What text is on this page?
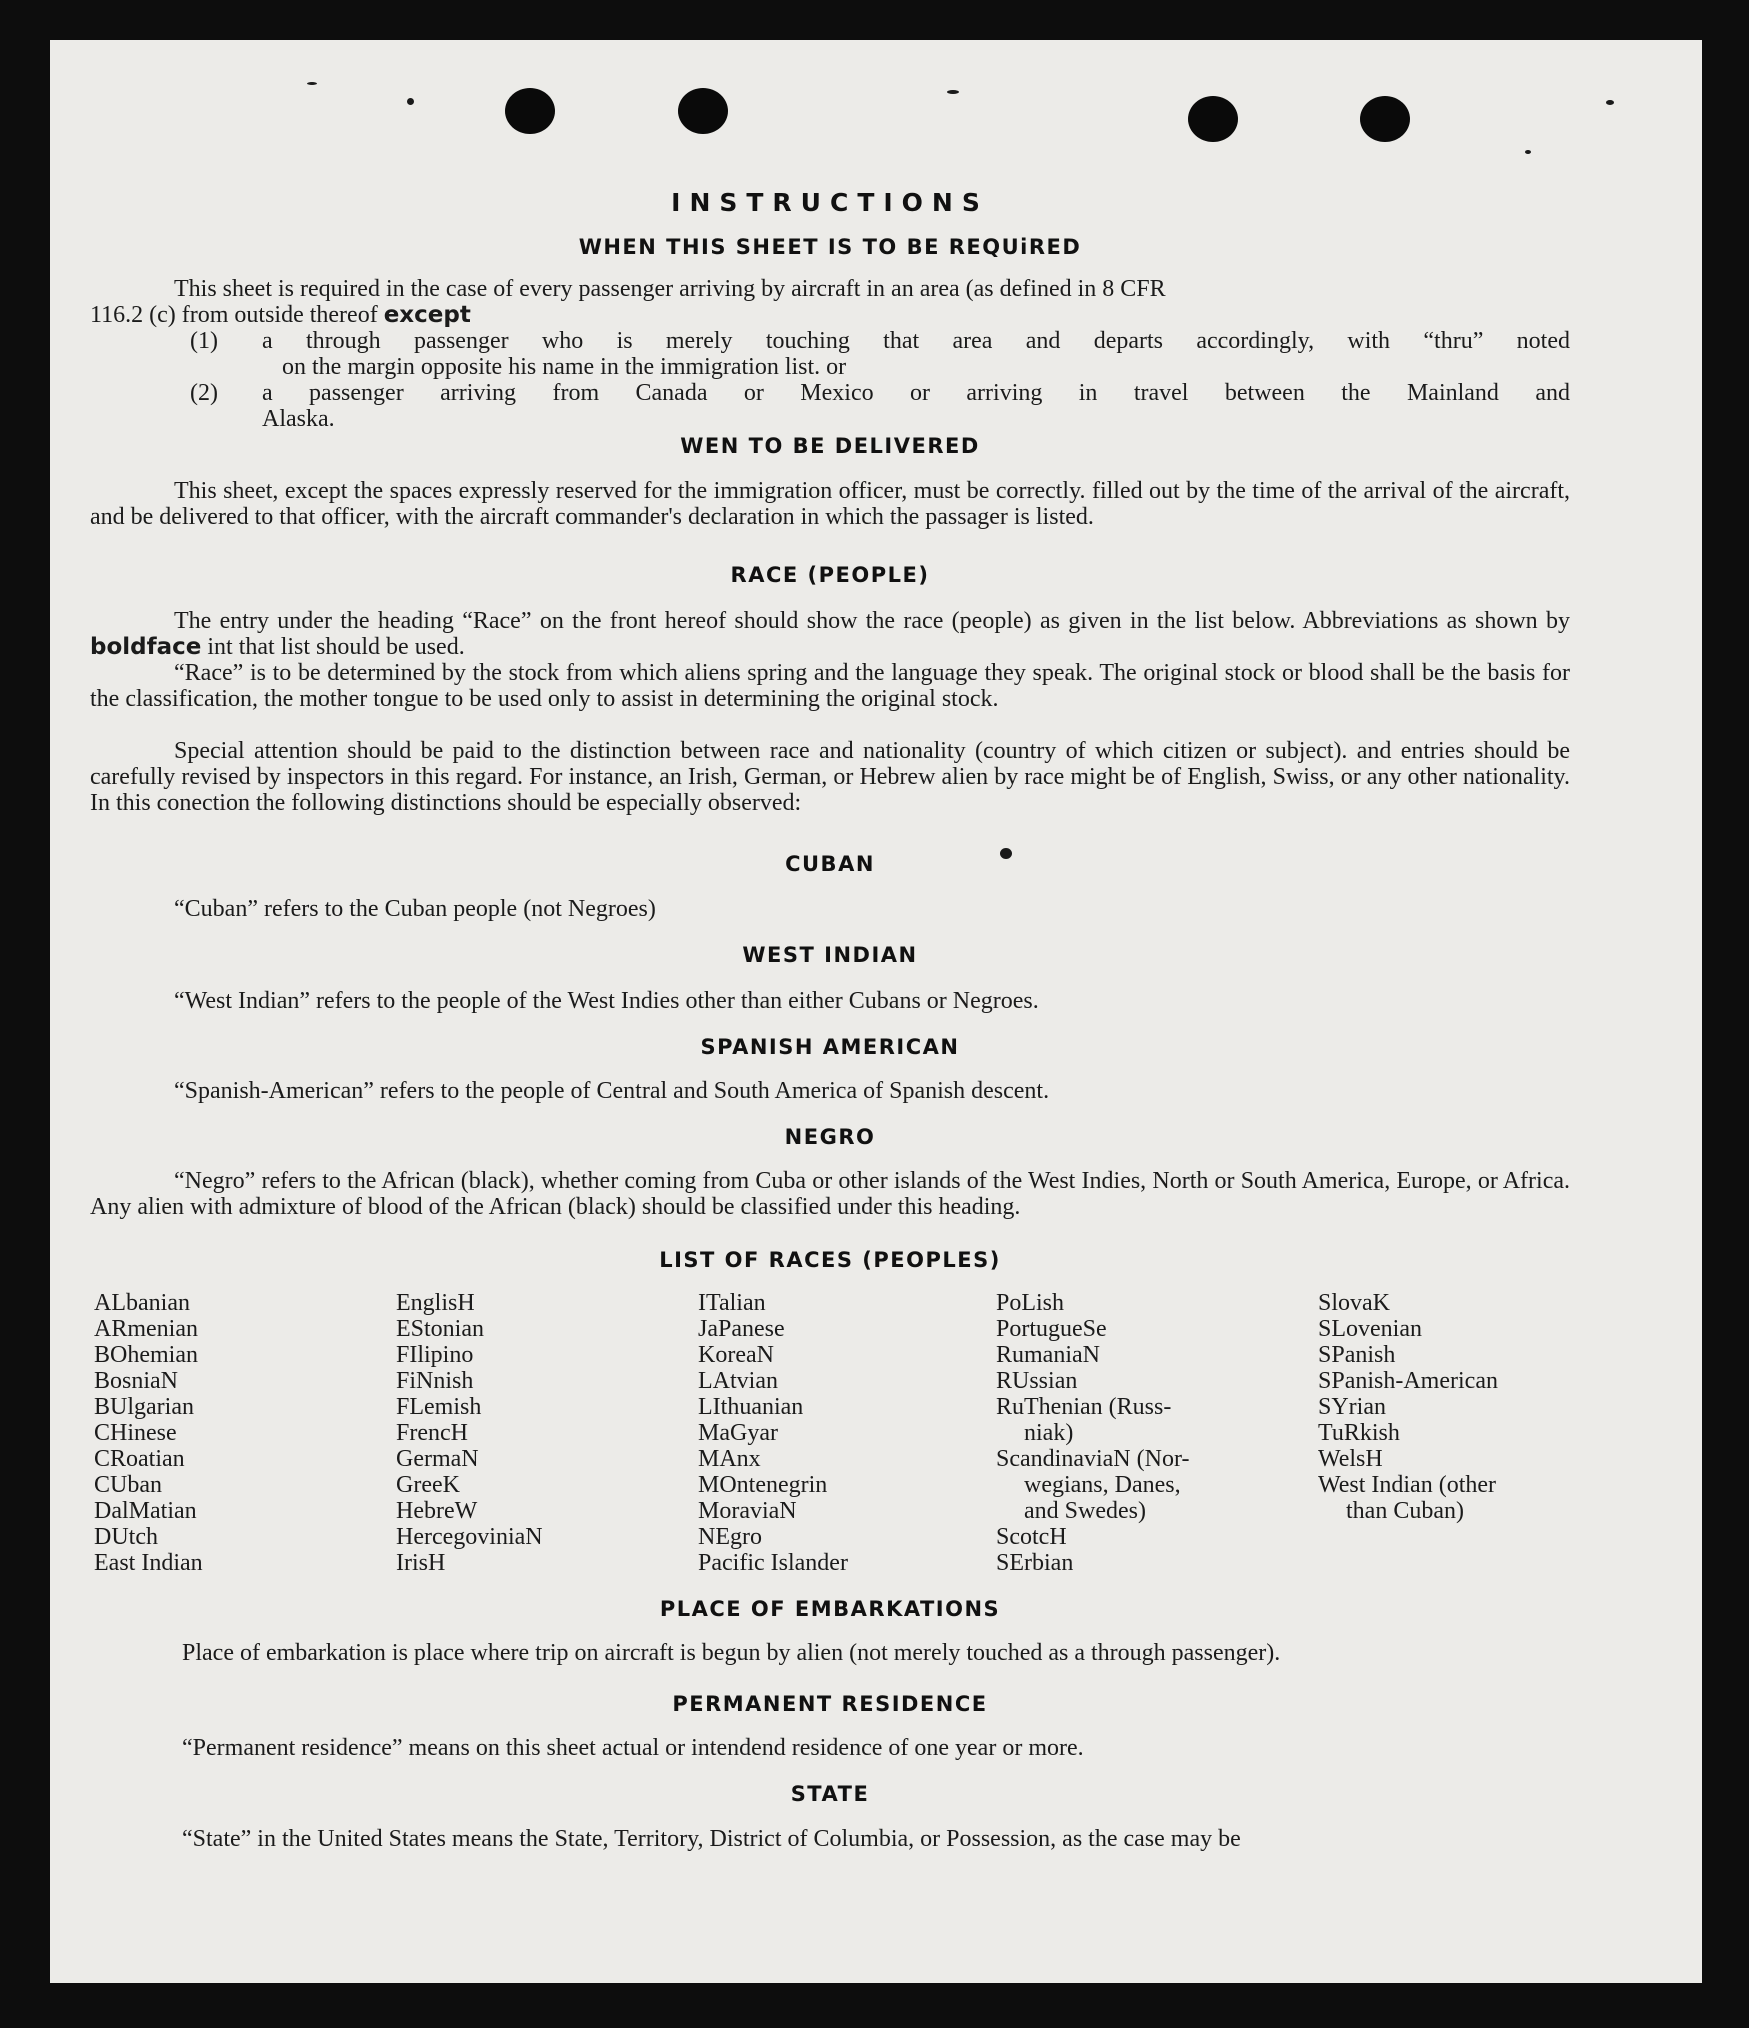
INSTRUCTIONS
WHEN THIS SHEET IS TO BE REQUiRED
This sheet is required in the case of every passenger arriving by aircraft in an area (as defined in 8 CFR
116.2 (c) from outside thereof except
(1) a through passenger who is merely touching that area and departs accordingly, with “thru” noted
on the margin opposite his name in the immigration list. or
(2) a passenger arriving from Canada or Mexico or arriving in travel between the Mainland and
Alaska.
WEN TO BE DELIVERED
This sheet, except the spaces expressly reserved for the immigration officer, must be correctly. filled out by the time of the arrival of the aircraft, and be delivered to that officer, with the aircraft commander's declaration in which the passager is listed.
RACE (PEOPLE)
The entry under the heading “Race” on the front hereof should show the race (people) as given in the list below. Abbreviations as shown by boldface int that list should be used.
“Race” is to be determined by the stock from which aliens spring and the language they speak. The original stock or blood shall be the basis for the classification, the mother tongue to be used only to assist in determining the original stock.
Special attention should be paid to the distinction between race and nationality (country of which citizen or subject). and entries should be carefully revised by inspectors in this regard. For instance, an Irish, German, or Hebrew alien by race might be of English, Swiss, or any other nationality. In this conection the following distinctions should be especially observed:
CUBAN
“Cuban” refers to the Cuban people (not Negroes)
WEST INDIAN
“West Indian” refers to the people of the West Indies other than either Cubans or Negroes.
SPANISH AMERICAN
“Spanish-American” refers to the people of Central and South America of Spanish descent.
NEGRO
“Negro” refers to the African (black), whether coming from Cuba or other islands of the West Indies, North or South America, Europe, or Africa. Any alien with admixture of blood of the African (black) should be classified under this heading.
LIST OF RACES (PEOPLES)
ALbanian
ARmenian
BOhemian
BosniaN
BUlgarian
CHinese
CRoatian
CUban
DalMatian
DUtch
East Indian
EnglisH
EStonian
FIlipino
FiNnish
FLemish
FrencH
GermaN
GreeK
HebreW
HercegoviniaN
IrisH
ITalian
JaPanese
KoreaN
LAtvian
LIthuanian
MaGyar
MAnx
MOntenegrin
MoraviaN
NEgro
Pacific Islander
PoLish
PortugueSe
RumaniaN
RUssian
RuThenian (Russ-
niak)
ScandinaviaN (Nor-
wegians, Danes,
and Swedes)
ScotcH
SErbian
SlovaK
SLovenian
SPanish
SPanish-American
SYrian
TuRkish
WelsH
West Indian (other
than Cuban)
PLACE OF EMBARKATIONS
Place of embarkation is place where trip on aircraft is begun by alien (not merely touched as a through passenger).
PERMANENT RESIDENCE
“Permanent residence” means on this sheet actual or intendend residence of one year or more.
STATE
“State” in the United States means the State, Territory, District of Columbia, or Possession, as the case may be
